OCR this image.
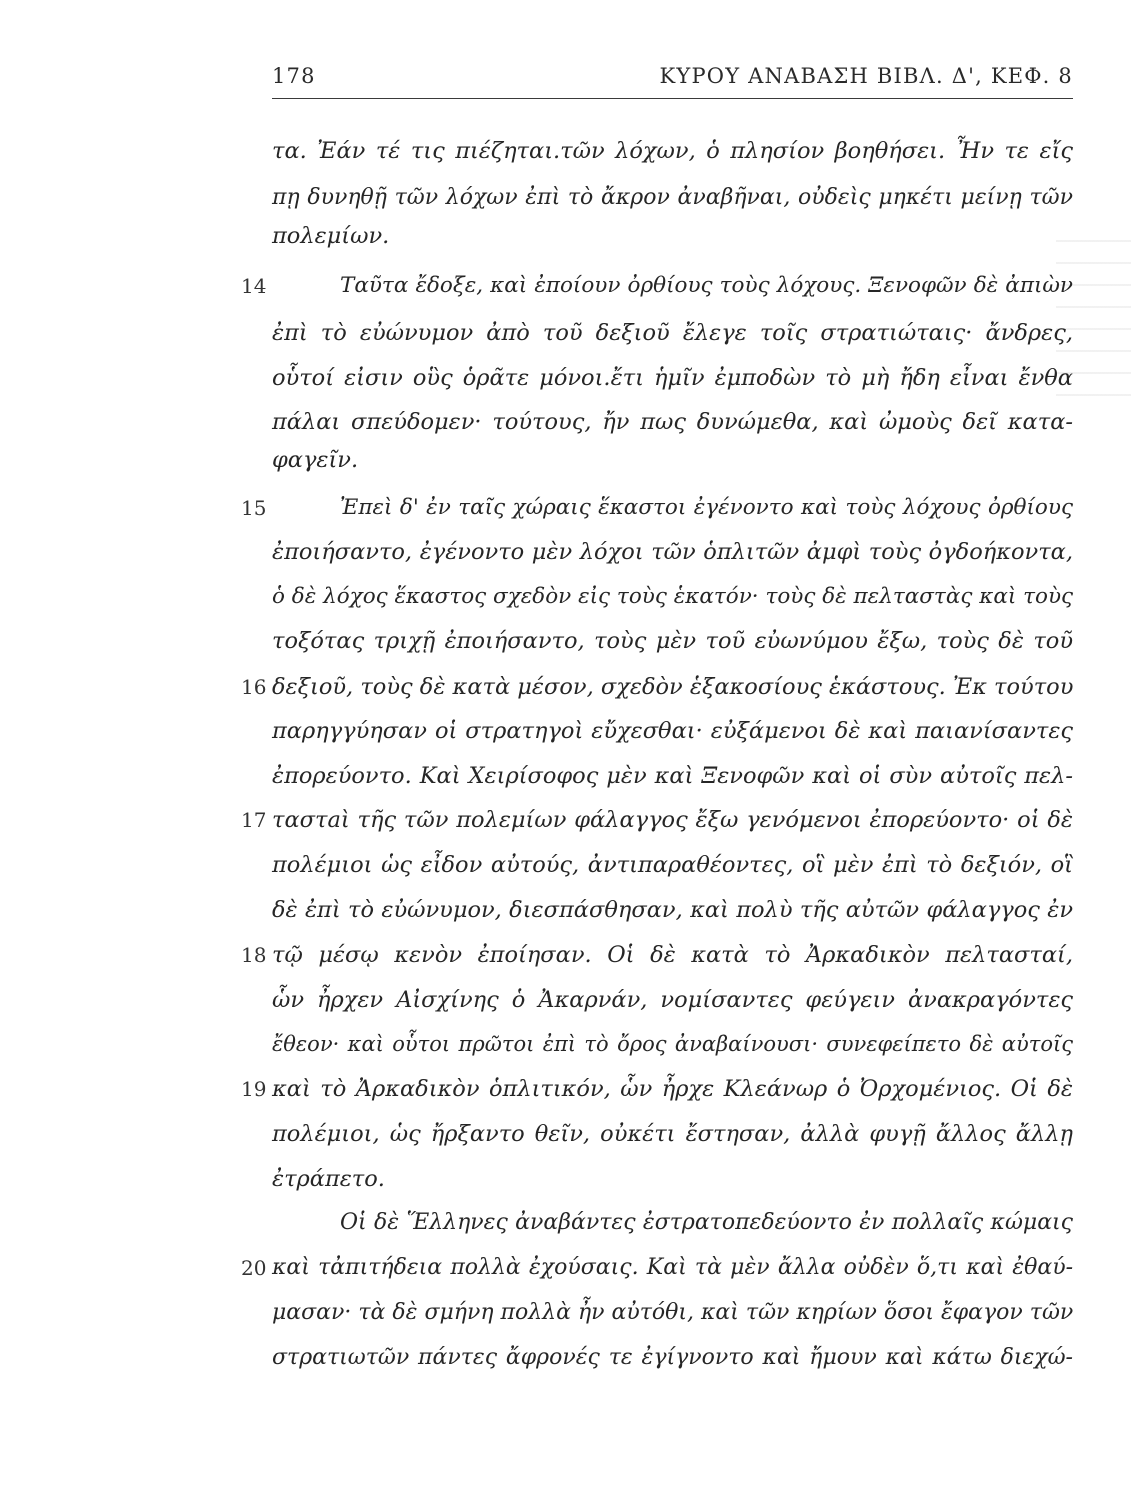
178	ΚΥΡΟΥ ΑΝΑΒΑΣΗ ΒΙΒΛ. Δ', ΚΕΦ. 8
τα. Ἐάν τέ τις πιέζηται.τῶν λόχων, ὁ πλησίον βοηθήσει. Ἦν τε εἴς
πῃ δυνηθῇ τῶν λόχων ἐπὶ τὸ ἄκρον ἀναβῆναι, οὐδεὶς μηκέτι μείνῃ τῶν
πολεμίων.
14	Ταῦτα ἔδοξε, καὶ ἐποίουν ὀρθίους τοὺς λόχους. Ξενοφῶν δὲ ἀπιὼν
ἐπὶ τὸ εὐώνυμον ἀπὸ τοῦ δεξιοῦ ἔλεγε τοῖς στρατιώταις· ἄνδρες,
οὗτοί εἰσιν οὓς ὁρᾶτε μόνοι.ἔτι ἡμῖν ἐμποδὼν τὸ μὴ ἤδη εἶναι ἔνθα
πάλαι σπεύδομεν· τούτους, ἤν πως δυνώμεθα, καὶ ὠμοὺς δεῖ κατα-
φαγεῖν.
15	Ἐπεὶ δ' ἐν ταῖς χώραις ἕκαστοι ἐγένοντο καὶ τοὺς λόχους ὀρθίους
ἐποιήσαντο, ἐγένοντο μὲν λόχοι τῶν ὁπλιτῶν ἀμφὶ τοὺς ὀγδοήκοντα,
ὁ δὲ λόχος ἕκαστος σχεδὸν εἰς τοὺς ἑκατόν· τοὺς δὲ πελταστὰς καὶ τοὺς
τοξότας τριχῇ ἐποιήσαντο, τοὺς μὲν τοῦ εὐωνύμου ἔξω, τοὺς δὲ τοῦ
16 δεξιοῦ, τοὺς δὲ κατὰ μέσον, σχεδὸν ἑξακοσίους ἑκάστους. Ἐκ τούτου
παρηγγύησαν οἱ στρατηγοὶ εὔχεσθαι· εὐξάμενοι δὲ καὶ παιανίσαντες
ἐπορεύοντο. Καὶ Χειρίσοφος μὲν καὶ Ξενοφῶν καὶ οἱ σὺν αὐτοῖς πελ-
17 ταστaὶ τῆς τῶν πολεμίων φάλαγγος ἔξω γενόμενοι ἐπορεύοντο· οἱ δὲ
πολέμιοι ὡς εἶδον αὐτούς, ἀντιπαραθέοντες, οἳ μὲν ἐπὶ τὸ δεξιόν, οἳ
δὲ ἐπὶ τὸ εὐώνυμον, διεσπάσθησαν, καὶ πολὺ τῆς αὐτῶν φάλαγγος ἐν
18 τῷ μέσῳ κενὸν ἐποίησαν. Οἱ δὲ κατὰ τὸ Ἀρκαδικὸν πελτασταί,
ὧν ἦρχεν Αἰσχίνης ὁ Ἀκαρνάν, νομίσαντες φεύγειν ἀνακραγόντες
ἔθεον· καὶ οὗτοι πρῶτοι ἐπὶ τὸ ὄρος ἀναβαίνουσι· συνεφείπετο δὲ αὐτοῖς
19 καὶ τὸ Ἀρκαδικὸν ὁπλιτικόν, ὧν ἦρχε Κλεάνωρ ὁ Ὀρχομένιος. Οἱ δὲ
πολέμιοι, ὡς ἤρξαντο θεῖν, οὐκέτι ἔστησαν, ἀλλὰ φυγῇ ἄλλος ἄλλῃ
ἐτράπετο.
Οἱ δὲ Ἕλληνες ἀναβάντες ἐστρατοπεδεύοντο ἐν πολλαῖς κώμαις
20 καὶ τἀπιτήδεια πολλὰ ἐχούσαις. Καὶ τὰ μὲν ἄλλα οὐδὲν ὅ,τι καὶ ἐθαύ-
μασαν· τὰ δὲ σμήνη πολλὰ ἦν αὐτόθι, καὶ τῶν κηρίων ὅσοι ἔφαγον τῶν
στρατιωτῶν πάντες ἄφρονές τε ἐγίγνοντο καὶ ἤμουν καὶ κάτω διεχώ-
